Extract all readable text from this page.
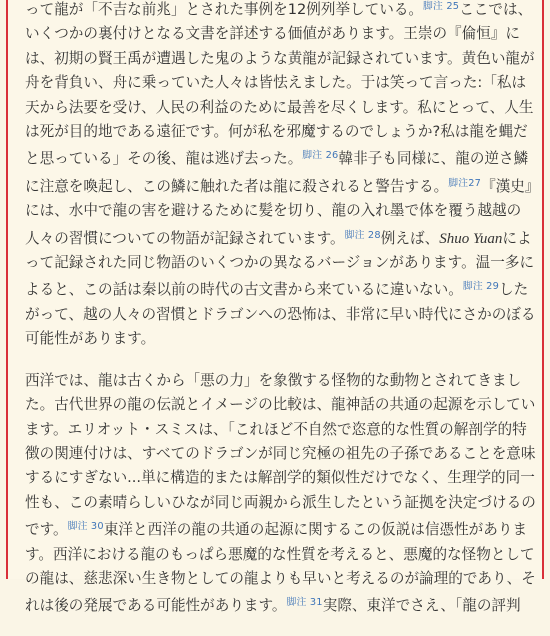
って龍が「不吉な前兆」とされた事例を12例列挙している。$^{脚注 25}$ここでは、いくつかの裏付けとなる文書を詳述する価値があります。王崇の『倫恒』には、初期の賢王禹が遭遇した鬼のような黄龍が記録されています。黄色い龍が舟を背負い、舟に乗っていた人々は皆怯えました。于は笑って言った:「私は天から法要を受け、人民の利益のために最善を尽くします。私にとって、人生は死が目的地である遠征です。何が私を邪魔するのでしょうか?私は龍を蝿だと思っている」その後、龍は逃げ去った。$^{脚注 26}$韓非子も同様に、龍の逆さ鱗に注意を喚起し、この鱗に触れた者は龍に殺されると警告する。$^{脚注27}$『漢史』には、水中で龍の害を避けるために髪を切り、龍の入れ墨で体を覆う越越の人々の習慣についての物語が記録されています。$^{脚注 28}$例えば、Shuo Yuanによって記録された同じ物語のいくつかの異なるバージョンがあります。温一多によると、この話は秦以前の時代の古文書から来ているに違いない。$^{脚注 29}$したがって、越の人々の習慣とドラゴンへの恐怖は、非常に早い時代にさかのぼる可能性があります。

西洋では、龍は古くから「悪の力」を象徴する怪物的な動物とされてきました。古代世界の龍の伝説とイメージの比較は、龍神話の共通の起源を示しています。エリオット・スミスは、「これほど不自然で恣意的な性質の解剖学的特徴の関連付けは、すべてのドラゴンが同じ究極の祖先の子孫であることを意味するにすぎない...単に構造的または解剖学的類似性だけでなく、生理学的同一性も、この素晴らしいひなが同じ両親から派生したという証拠を決定づけるのです。$^{脚注 30}$東洋と西洋の龍の共通の起源に関するこの仮説は信憑性があります。西洋における龍のもっぱら悪魔的な性質を考えると、悪魔的な怪物としての龍は、慈悲深い生き物としての龍よりも早いと考えるのが論理的であり、それは後の発展である可能性があります。$^{脚注 31}$実際、東洋でさえ、「龍の評判
